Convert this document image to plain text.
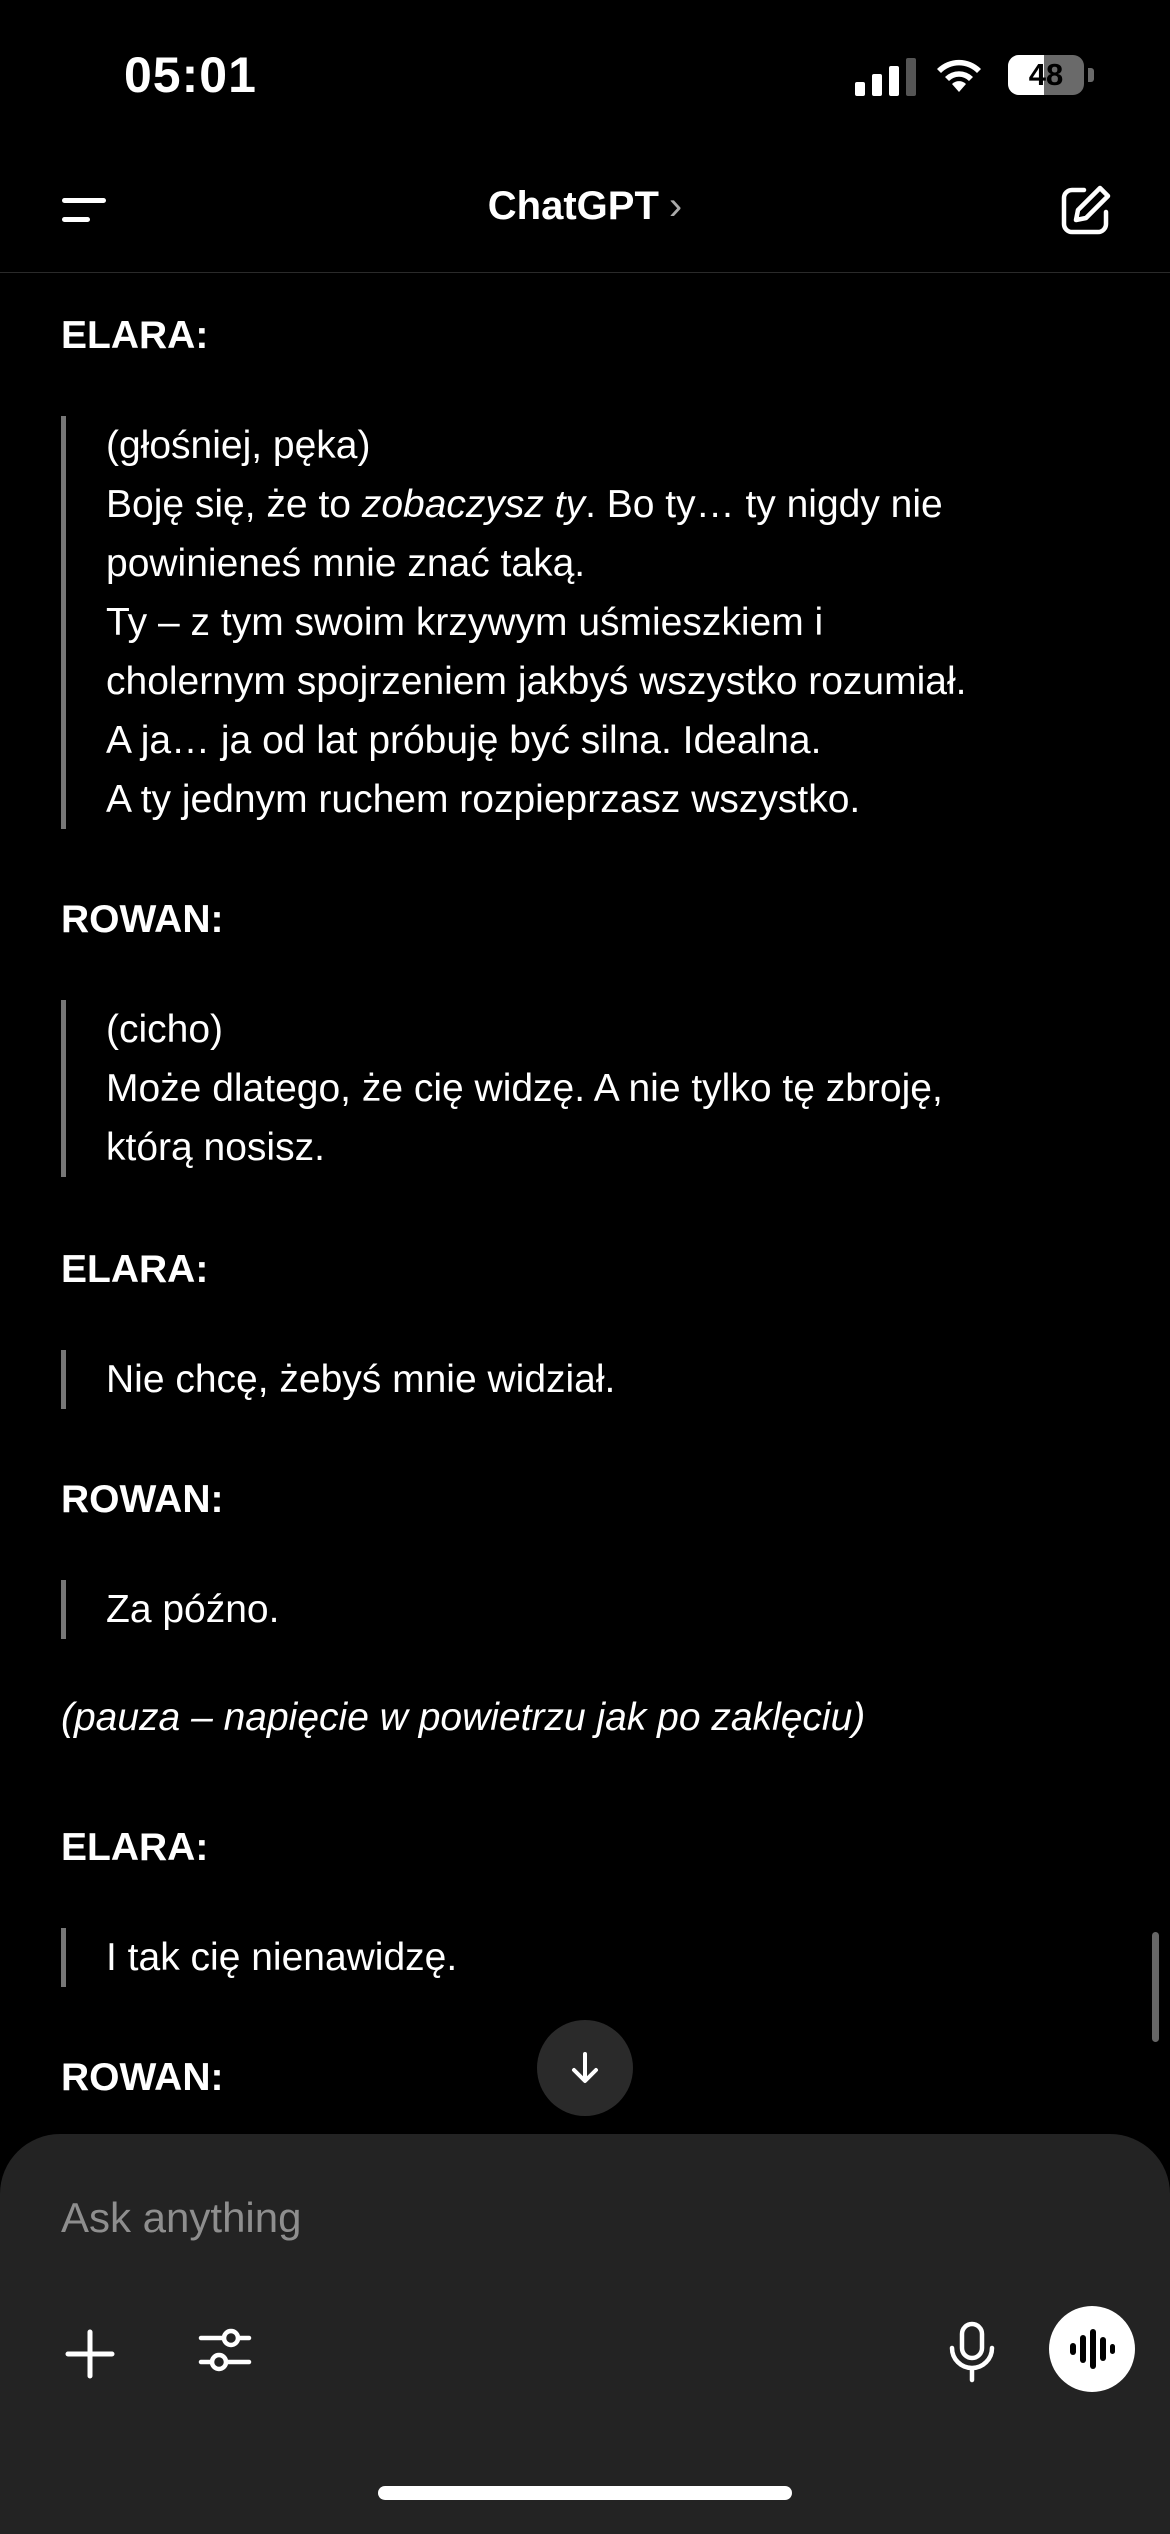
05:01	48
ChatGPT ›
ELARA:
(głośniej, pęka)
Boję się, że to zobaczysz ty. Bo ty… ty nigdy nie
powinieneś mnie znać taką.
Ty – z tym swoim krzywym uśmieszkiem i
cholernym spojrzeniem jakbyś wszystko rozumiał.
A ja… ja od lat próbuję być silna. Idealna.
A ty jednym ruchem rozpieprzasz wszystko.
ROWAN:
(cicho)
Może dlatego, że cię widzę. A nie tylko tę zbroję,
którą nosisz.
ELARA:
Nie chcę, żebyś mnie widział.
ROWAN:
Za późno.
(pauza – napięcie w powietrzu jak po zaklęciu)
ELARA:
I tak cię nienawidzę.
ROWAN:
Ask anything
